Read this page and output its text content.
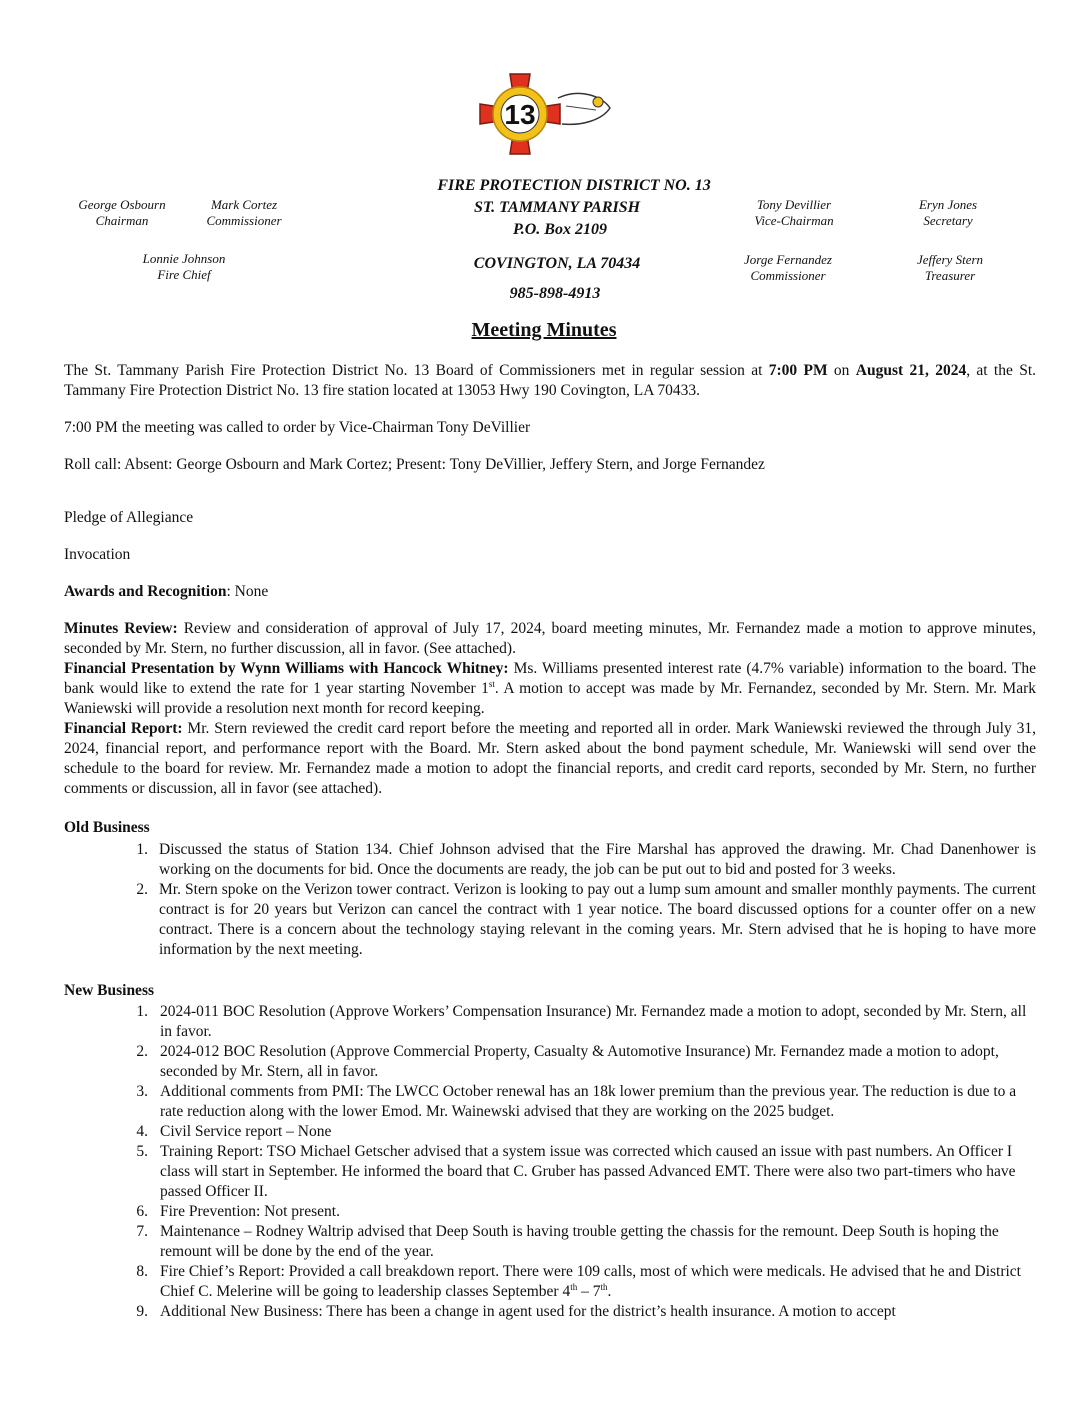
13
George Osbourn
Chairman
Mark Cortez
Commissioner
Lonnie Johnson
Fire Chief
FIRE PROTECTION DISTRICT NO. 13
ST. TAMMANY PARISH
P.O. Box 2109
COVINGTON, LA 70434
985-898-4913
Tony Devillier
Vice-Chairman
Eryn Jones
Secretary
Jorge Fernandez
Commissioner
Jeffery Stern
Treasurer
Meeting Minutes

The St. Tammany Parish Fire Protection District No. 13 Board of Commissioners met in regular session at 7:00 PM on August 21, 2024, at the St. Tammany Fire Protection District No. 13 fire station located at 13053 Hwy 190 Covington, LA 70433.

7:00 PM the meeting was called to order by Vice-Chairman Tony DeVillier

Roll call: Absent: George Osbourn and Mark Cortez; Present: Tony DeVillier, Jeffery Stern, and Jorge Fernandez

Pledge of Allegiance

Invocation

Awards and Recognition: None

Minutes Review: Review and consideration of approval of July 17, 2024, board meeting minutes, Mr. Fernandez made a motion to approve minutes, seconded by Mr. Stern, no further discussion, all in favor. (See attached).

Financial Presentation by Wynn Williams with Hancock Whitney: Ms. Williams presented interest rate (4.7% variable) information to the board. The bank would like to extend the rate for 1 year starting November 1st. A motion to accept was made by Mr. Fernandez, seconded by Mr. Stern. Mr. Mark Waniewski will provide a resolution next month for record keeping.

Financial Report: Mr. Stern reviewed the credit card report before the meeting and reported all in order. Mark Waniewski reviewed the through July 31, 2024, financial report, and performance report with the Board. Mr. Stern asked about the bond payment schedule, Mr. Waniewski will send over the schedule to the board for review. Mr. Fernandez made a motion to adopt the financial reports, and credit card reports, seconded by Mr. Stern, no further comments or discussion, all in favor (see attached).

Old Business
1. Discussed the status of Station 134. Chief Johnson advised that the Fire Marshal has approved the drawing. Mr. Chad Danenhower is working on the documents for bid. Once the documents are ready, the job can be put out to bid and posted for 3 weeks.
2. Mr. Stern spoke on the Verizon tower contract. Verizon is looking to pay out a lump sum amount and smaller monthly payments. The current contract is for 20 years but Verizon can cancel the contract with 1 year notice. The board discussed options for a counter offer on a new contract. There is a concern about the technology staying relevant in the coming years. Mr. Stern advised that he is hoping to have more information by the next meeting.
New Business
1. 2024-011 BOC Resolution (Approve Workers’ Compensation Insurance) Mr. Fernandez made a motion to adopt, seconded by Mr. Stern, all in favor.
2. 2024-012 BOC Resolution (Approve Commercial Property, Casualty & Automotive Insurance) Mr. Fernandez made a motion to adopt, seconded by Mr. Stern, all in favor.
3. Additional comments from PMI: The LWCC October renewal has an 18k lower premium than the previous year. The reduction is due to a rate reduction along with the lower Emod. Mr. Wainewski advised that they are working on the 2025 budget.
4. Civil Service report – None
5. Training Report: TSO Michael Getscher advised that a system issue was corrected which caused an issue with past numbers. An Officer I class will start in September. He informed the board that C. Gruber has passed Advanced EMT. There were also two part-timers who have passed Officer II.
6. Fire Prevention: Not present.
7. Maintenance – Rodney Waltrip advised that Deep South is having trouble getting the chassis for the remount. Deep South is hoping the remount will be done by the end of the year.
8. Fire Chief’s Report: Provided a call breakdown report. There were 109 calls, most of which were medicals. He advised that he and District Chief C. Melerine will be going to leadership classes September 4th – 7th.
9. Additional New Business: There has been a change in agent used for the district’s health insurance. A motion to accept
